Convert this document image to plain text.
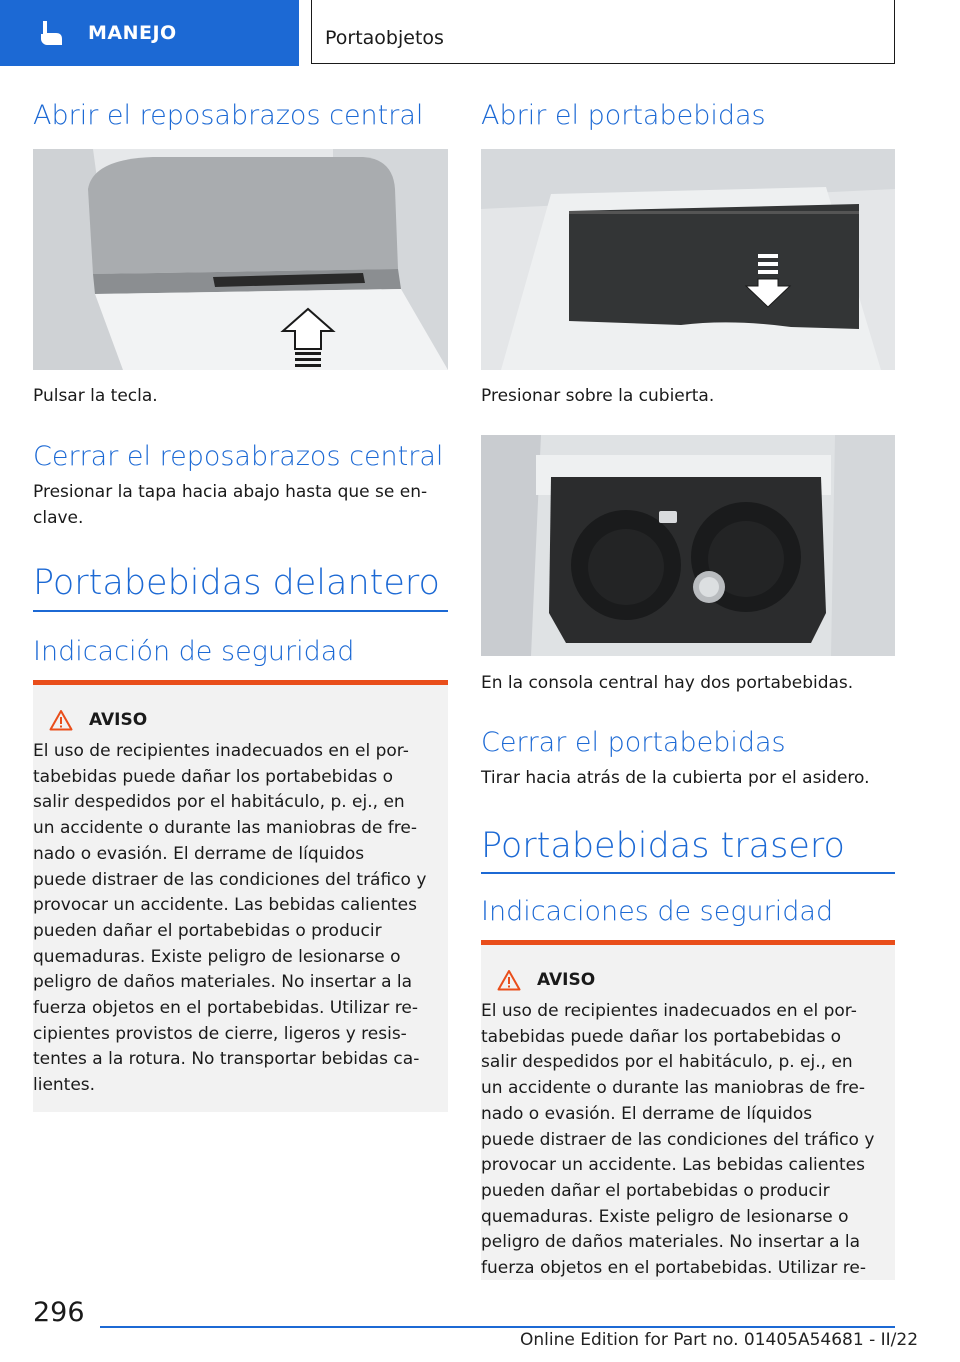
MANEJO	Portaobjetos
Abrir el reposabrazos central
Pulsar la tecla.
Cerrar el reposabrazos central
Presionar la tapa hacia abajo hasta que se en-
clave.
Portabebidas delantero
Indicación de seguridad
AVISO
El uso de recipientes inadecuados en el por-
tabebidas puede dañar los portabebidas o
salir despedidos por el habitáculo, p. ej., en
un accidente o durante las maniobras de fre-
nado o evasión. El derrame de líquidos
puede distraer de las condiciones del tráfico y
provocar un accidente. Las bebidas calientes
pueden dañar el portabebidas o producir
quemaduras. Existe peligro de lesionarse o
peligro de daños materiales. No insertar a la
fuerza objetos en el portabebidas. Utilizar re-
cipientes provistos de cierre, ligeros y resis-
tentes a la rotura. No transportar bebidas ca-
lientes.
Abrir el portabebidas
Presionar sobre la cubierta.
En la consola central hay dos portabebidas.
Cerrar el portabebidas
Tirar hacia atrás de la cubierta por el asidero.
Portabebidas trasero
Indicaciones de seguridad
AVISO
El uso de recipientes inadecuados en el por-
tabebidas puede dañar los portabebidas o
salir despedidos por el habitáculo, p. ej., en
un accidente o durante las maniobras de fre-
nado o evasión. El derrame de líquidos
puede distraer de las condiciones del tráfico y
provocar un accidente. Las bebidas calientes
pueden dañar el portabebidas o producir
quemaduras. Existe peligro de lesionarse o
peligro de daños materiales. No insertar a la
fuerza objetos en el portabebidas. Utilizar re-
296
Online Edition for Part no. 01405A54681 - II/22
